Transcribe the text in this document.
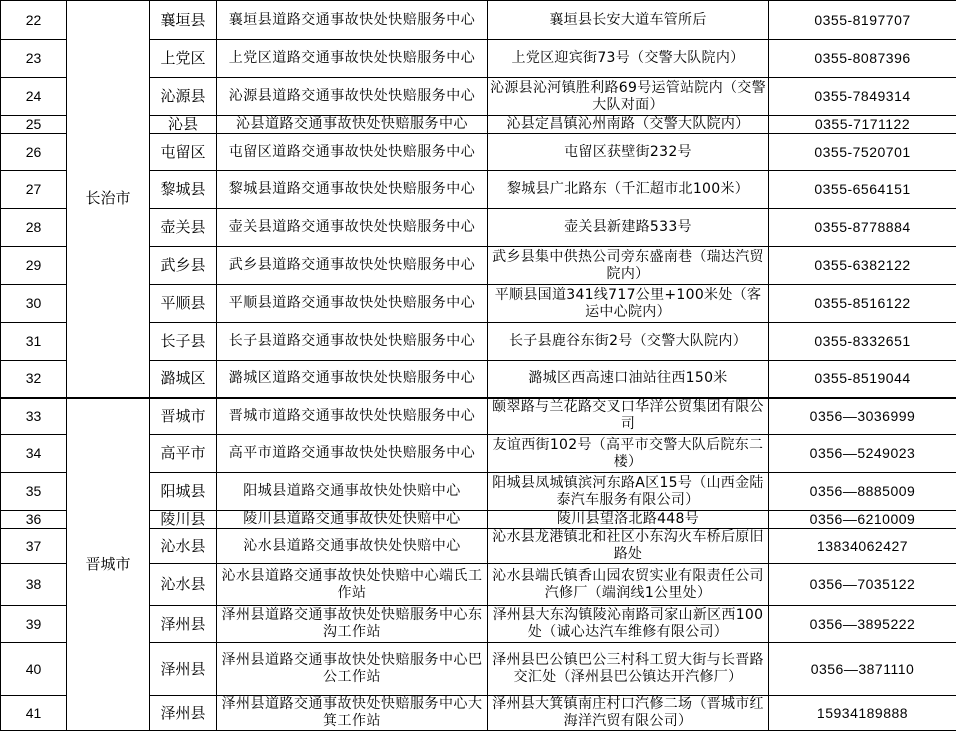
22	长治市	襄垣县	襄垣县道路交通事故快处快赔服务中心	襄垣县长安大道车管所后	0355-8197707
23		上党区	上党区道路交通事故快处快赔服务中心	上党区迎宾街73号（交警大队院内）	0355-8087396
24		沁源县	沁源县道路交通事故快处快赔服务中心	沁源县沁河镇胜利路69号运管站院内（交警大队对面）	0355-7849314
25		沁县	沁县道路交通事故快处快赔服务中心	沁县定昌镇沁州南路（交警大队院内）	0355-7171122
26		屯留区	屯留区道路交通事故快处快赔服务中心	屯留区获壁街232号	0355-7520701
27		黎城县	黎城县道路交通事故快处快赔服务中心	黎城县广北路东（千汇超市北100米）	0355-6564151
28		壶关县	壶关县道路交通事故快处快赔服务中心	壶关县新建路533号	0355-8778884
29		武乡县	武乡县道路交通事故快处快赔服务中心	武乡县集中供热公司旁东盛南巷（瑞达汽贸院内）	0355-6382122
30		平顺县	平顺县道路交通事故快处快赔服务中心	平顺县国道341线717公里+100米处（客运中心院内）	0355-8516122
31		长子县	长子县道路交通事故快处快赔服务中心	长子县鹿谷东街2号（交警大队院内）	0355-8332651
32		潞城区	潞城区道路交通事故快处快赔服务中心	潞城区西高速口油站往西150米	0355-8519044
33	晋城市	晋城市	晋城市道路交通事故快处快赔服务中心	颐翠路与兰花路交叉口华洋公贸集团有限公司	0356—3036999
34		高平市	高平市道路交通事故快处快赔服务中心	友谊西街102号（高平市交警大队后院东二楼）	0356—5249023
35		阳城县	阳城县道路交通事故快处快赔中心	阳城县凤城镇滨河东路A区15号（山西金陆泰汽车服务有限公司）	0356—8885009
36		陵川县	陵川县道路交通事故快处快赔中心	陵川县望洛北路448号	0356—6210009
37		沁水县	沁水县道路交通事故快处快赔中心	沁水县龙港镇北和社区小东沟火车桥后原旧路处	13834062427
38		沁水县	沁水县道路交通事故快处快赔中心端氏工作站	沁水县端氏镇香山园农贸实业有限责任公司汽修厂（端润线1公里处）	0356—7035122
39		泽州县	泽州县道路交通事故快处快赔服务中心东沟工作站	泽州县大东沟镇陵沁南路司家山新区西100处（诚心达汽车维修有限公司）	0356—3895222
40		泽州县	泽州县道路交通事故快处快赔服务中心巴公工作站	泽州县巴公镇巴公三村科工贸大街与长晋路交汇处（泽州县巴公镇达开汽修厂）	0356—3871110
41		泽州县	泽州县道路交通事故快处快赔服务中心大箕工作站	泽州县大箕镇南庄村口汽修二场（晋城市红海洋汽贸有限公司）	15934189888
